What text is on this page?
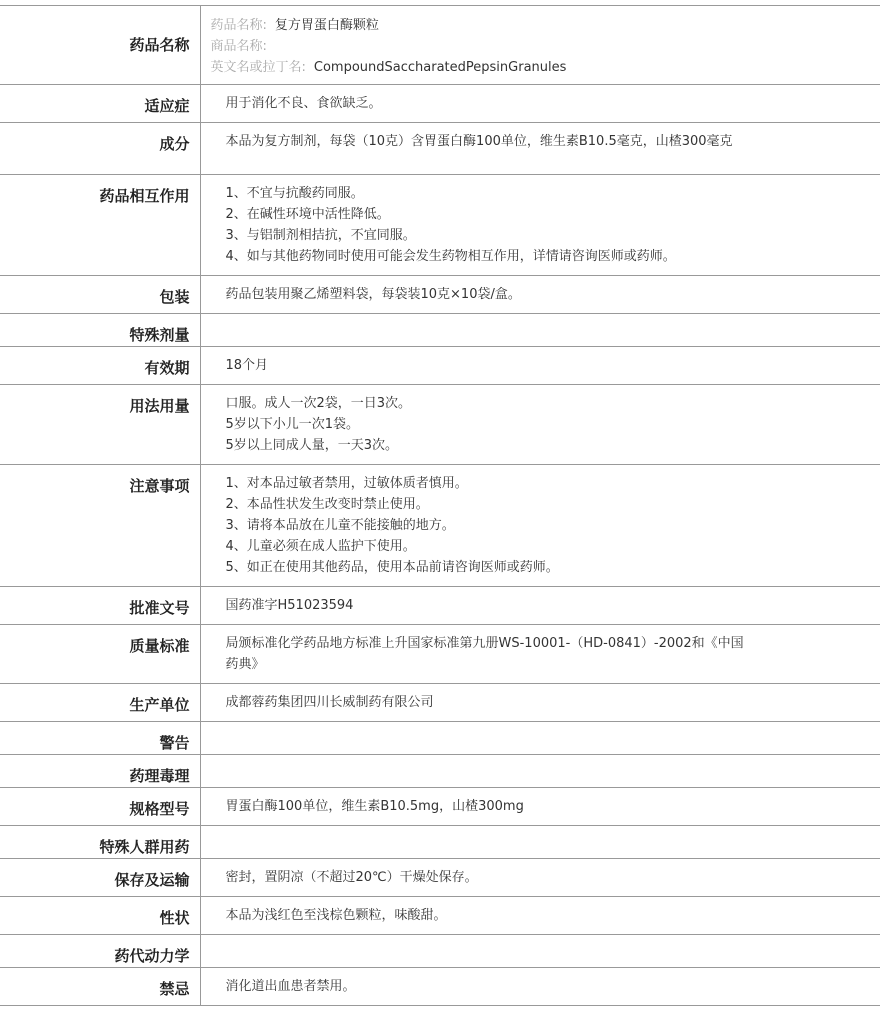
药品名称	药品名称: 复方胃蛋白酶颗粒
商品名称:
英文名或拉丁名: CompoundSaccharatedPepsinGranules

适应症	用于消化不良、食欲缺乏。

成分	本品为复方制剂，每袋（10克）含胃蛋白酶100单位，维生素B10.5毫克，山楂300毫克

药品相互作用	1、不宜与抗酸药同服。
2、在碱性环境中活性降低。
3、与铝制剂相拮抗，不宜同服。
4、如与其他药物同时使用可能会发生药物相互作用，详情请咨询医师或药师。

包装	药品包装用聚乙烯塑料袋，每袋装10克×10袋/盒。

特殊剂量	
有效期	18个月

用法用量	口服。成人一次2袋，一日3次。
5岁以下小儿一次1袋。
5岁以上同成人量，一天3次。

注意事项	1、对本品过敏者禁用，过敏体质者慎用。
2、本品性状发生改变时禁止使用。
3、请将本品放在儿童不能接触的地方。
4、儿童必须在成人监护下使用。
5、如正在使用其他药品，使用本品前请咨询医师或药师。

批准文号	国药准字H51023594

质量标准	局颁标准化学药品地方标准上升国家标准第九册WS-10001-（HD-0841）-2002和《中国药典》

生产单位	成都蓉药集团四川长威制药有限公司

警告	
药理毒理	
规格型号	胃蛋白酶100单位，维生素B10.5mg，山楂300mg

特殊人群用药	
保存及运输	密封，置阴凉（不超过20℃）干燥处保存。

性状	本品为浅红色至浅棕色颗粒，味酸甜。

药代动力学	
禁忌	消化道出血患者禁用。
